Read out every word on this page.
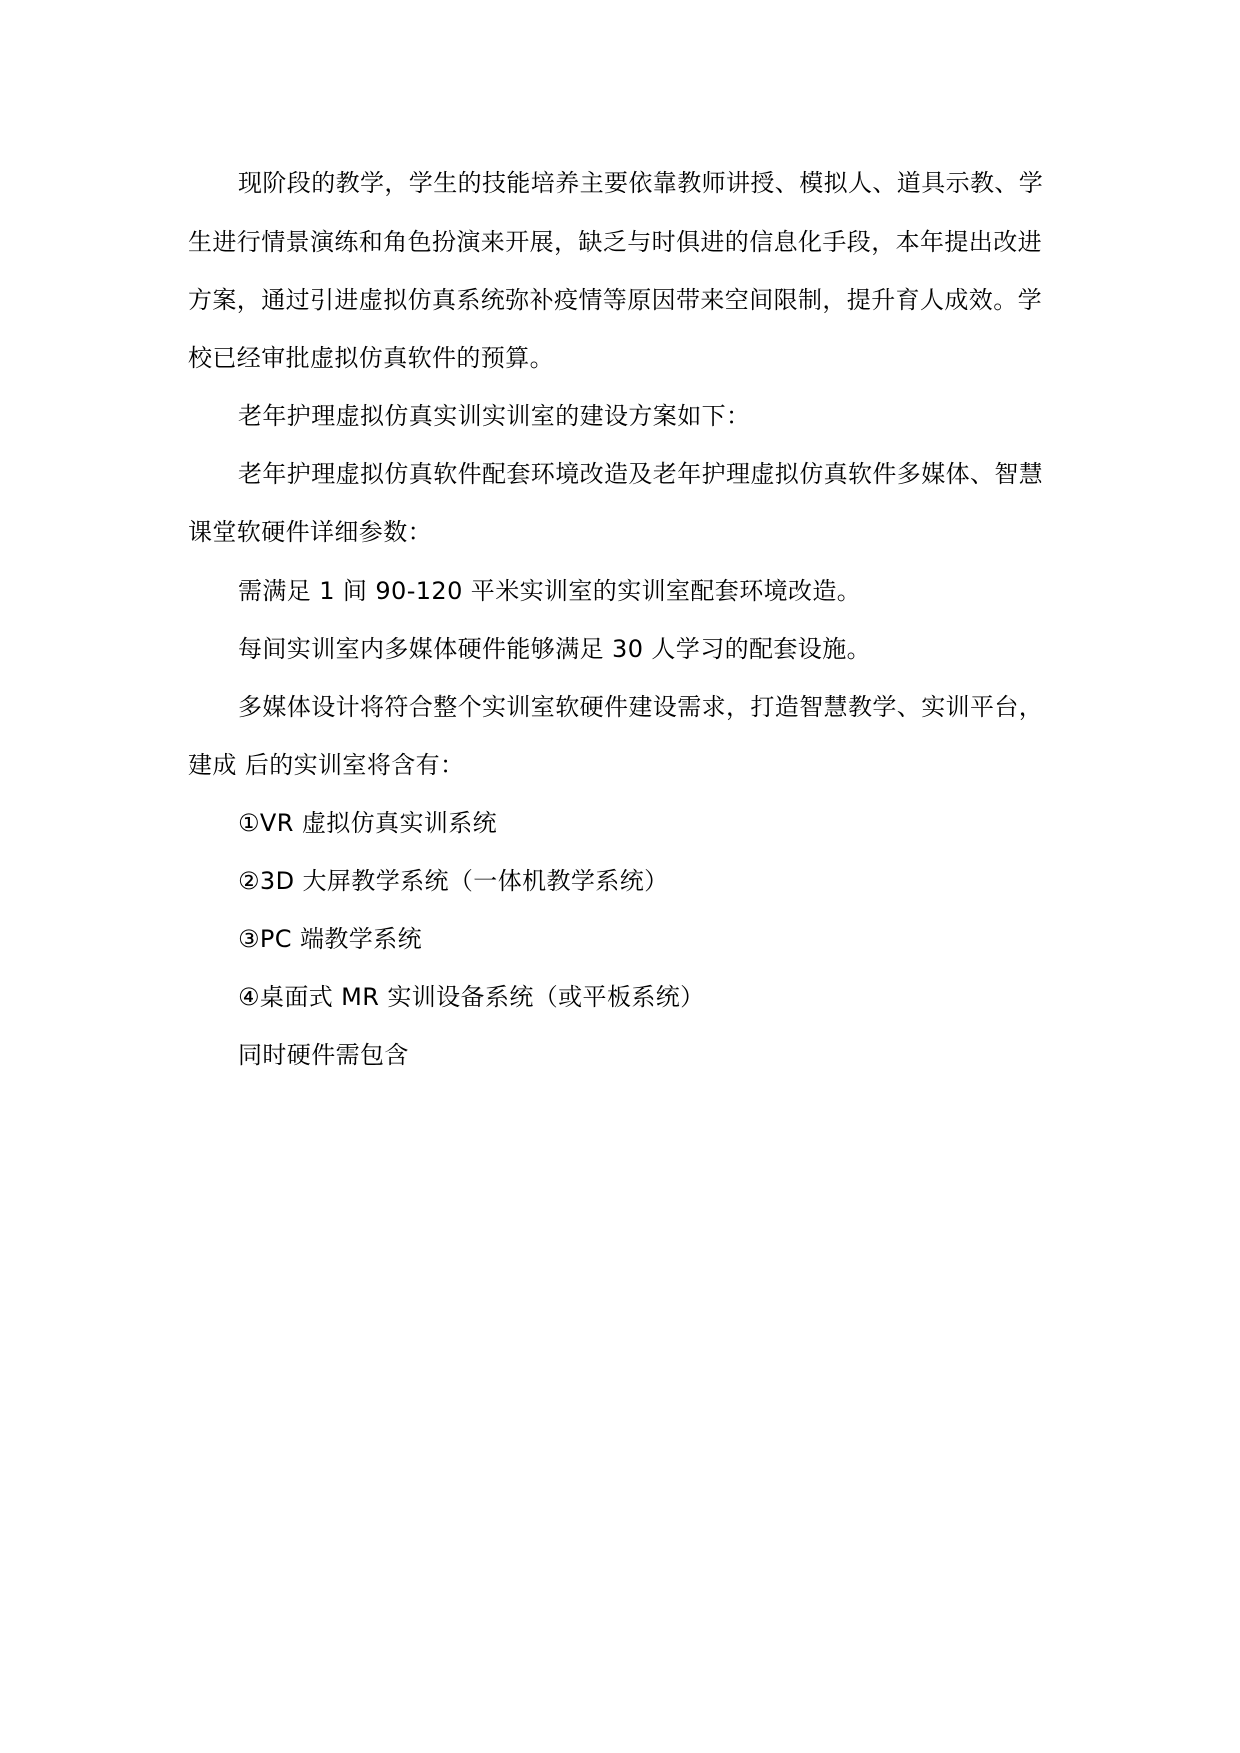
现阶段的教学，学生的技能培养主要依靠教师讲授、模拟人、道具示教、学
生进行情景演练和角色扮演来开展，缺乏与时俱进的信息化手段，本年提出改进
方案，通过引进虚拟仿真系统弥补疫情等原因带来空间限制，提升育人成效。学
校已经审批虚拟仿真软件的预算。
老年护理虚拟仿真实训实训室的建设方案如下：
老年护理虚拟仿真软件配套环境改造及老年护理虚拟仿真软件多媒体、智慧
课堂软硬件详细参数：
需满足 1 间 90-120 平米实训室的实训室配套环境改造。
每间实训室内多媒体硬件能够满足 30 人学习的配套设施。
多媒体设计将符合整个实训室软硬件建设需求，打造智慧教学、实训平台，
建成 后的实训室将含有：
①VR 虚拟仿真实训系统
②3D 大屏教学系统（一体机教学系统）
③PC 端教学系统
④桌面式 MR 实训设备系统（或平板系统）
同时硬件需包含
